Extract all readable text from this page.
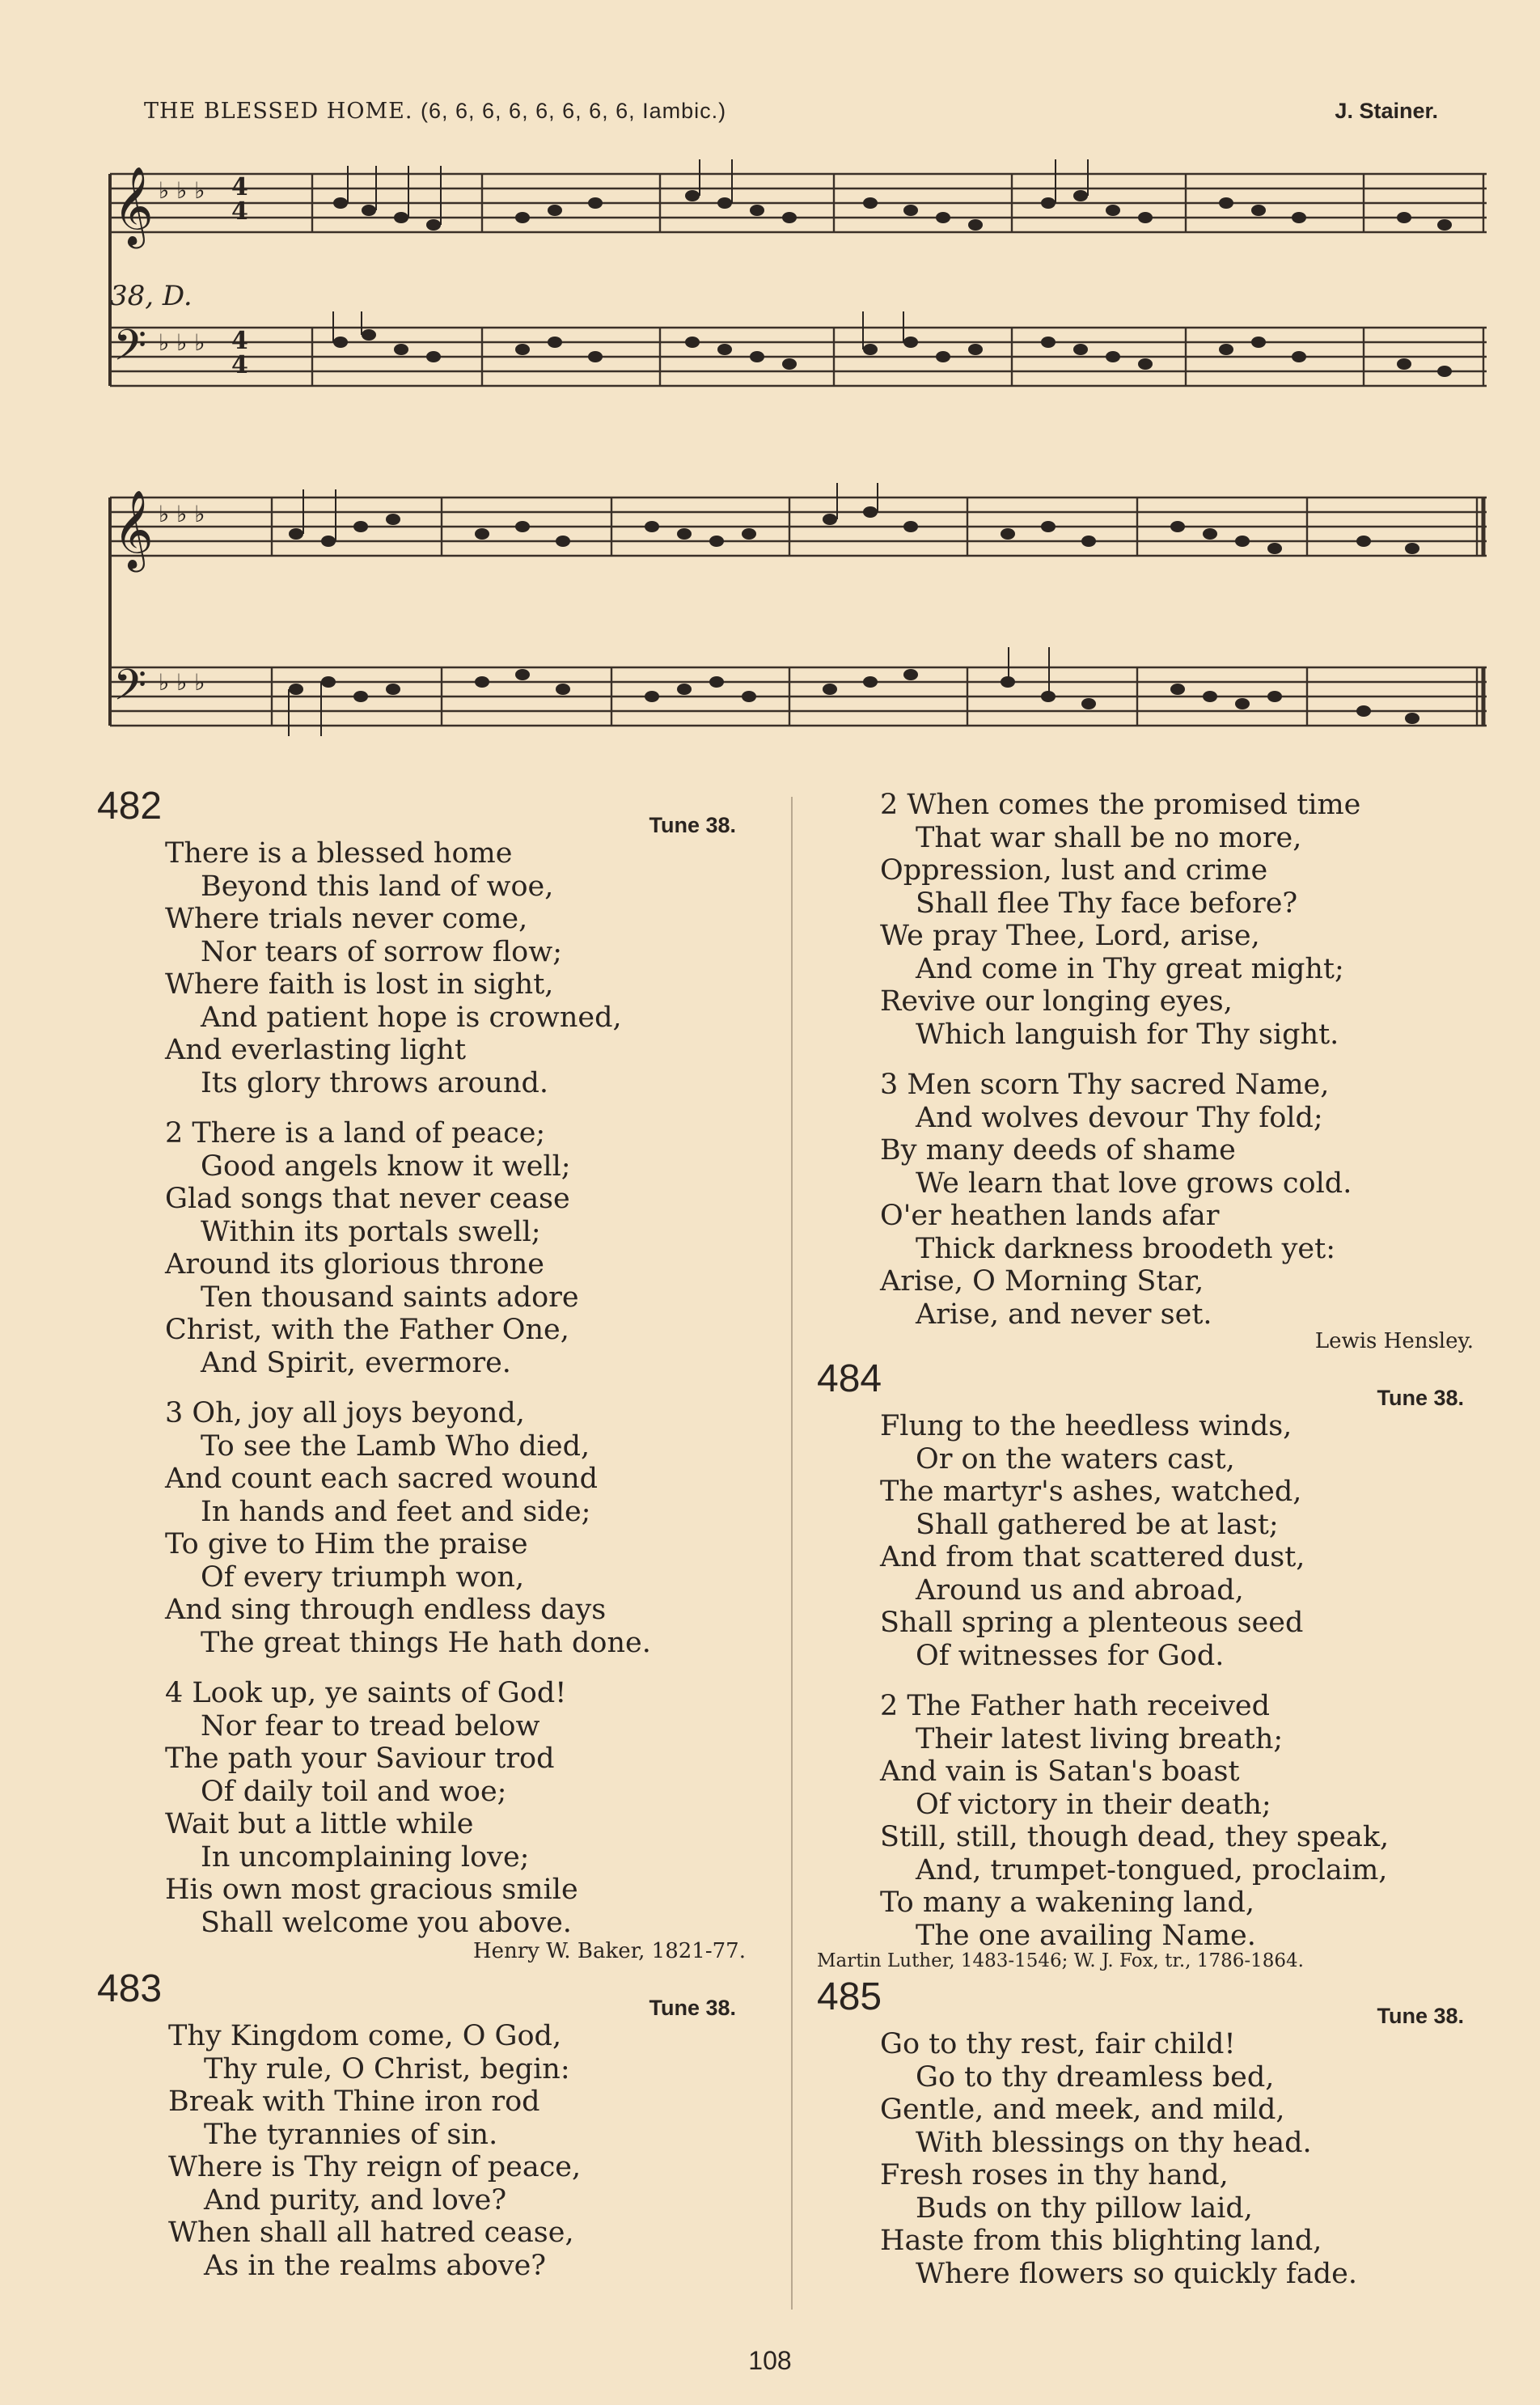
THE BLESSED HOME. (6, 6, 6, 6, 6, 6, 6, 6, Iambic.)	J. Stainer.
𝄞
𝄢
♭ ♭ ♭
♭ ♭ ♭
4
4
4
4
38, D.
𝄞
𝄢
♭ ♭ ♭
♭ ♭ ♭
482	Tune 38.
There is a blessed home
Beyond this land of woe,
Where trials never come,
Nor tears of sorrow flow;
Where faith is lost in sight,
And patient hope is crowned,
And everlasting light
Its glory throws around.
2 There is a land of peace;
Good angels know it well;
Glad songs that never cease
Within its portals swell;
Around its glorious throne
Ten thousand saints adore
Christ, with the Father One,
And Spirit, evermore.
3 Oh, joy all joys beyond,
To see the Lamb Who died,
And count each sacred wound
In hands and feet and side;
To give to Him the praise
Of every triumph won,
And sing through endless days
The great things He hath done.
4 Look up, ye saints of God!
Nor fear to tread below
The path your Saviour trod
Of daily toil and woe;
Wait but a little while
In uncomplaining love;
His own most gracious smile
Shall welcome you above.
Henry W. Baker, 1821-77.
483	Tune 38.
Thy Kingdom come, O God,
Thy rule, O Christ, begin:
Break with Thine iron rod
The tyrannies of sin.
Where is Thy reign of peace,
And purity, and love?
When shall all hatred cease,
As in the realms above?
2 When comes the promised time
That war shall be no more,
Oppression, lust and crime
Shall flee Thy face before?
We pray Thee, Lord, arise,
And come in Thy great might;
Revive our longing eyes,
Which languish for Thy sight.
3 Men scorn Thy sacred Name,
And wolves devour Thy fold;
By many deeds of shame
We learn that love grows cold.
O'er heathen lands afar
Thick darkness broodeth yet:
Arise, O Morning Star,
Arise, and never set.
Lewis Hensley.
484	Tune 38.
Flung to the heedless winds,
Or on the waters cast,
The martyr's ashes, watched,
Shall gathered be at last;
And from that scattered dust,
Around us and abroad,
Shall spring a plenteous seed
Of witnesses for God.
2 The Father hath received
Their latest living breath;
And vain is Satan's boast
Of victory in their death;
Still, still, though dead, they speak,
And, trumpet-tongued, proclaim,
To many a wakening land,
The one availing Name.
Martin Luther, 1483-1546; W. J. Fox, tr., 1786-1864.
485	Tune 38.
Go to thy rest, fair child!
Go to thy dreamless bed,
Gentle, and meek, and mild,
With blessings on thy head.
Fresh roses in thy hand,
Buds on thy pillow laid,
Haste from this blighting land,
Where flowers so quickly fade.
108
